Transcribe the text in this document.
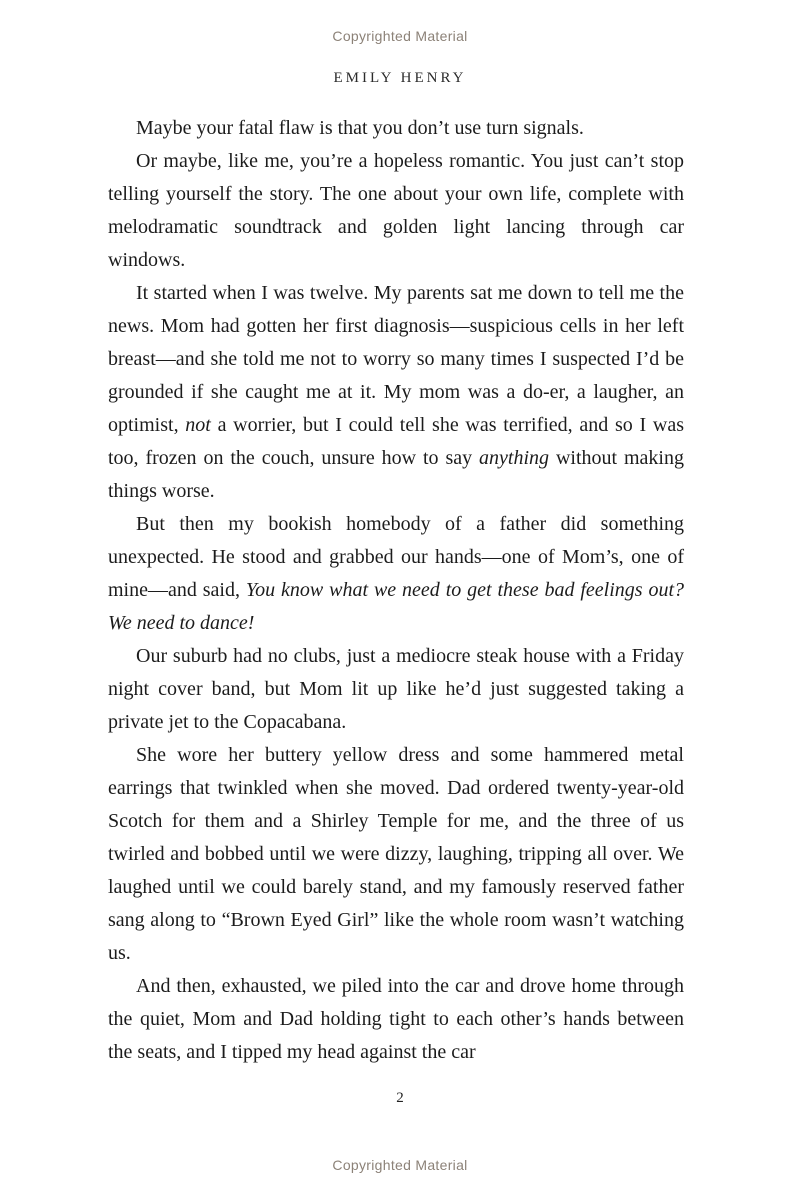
Copyrighted Material
EMILY HENRY

Maybe your fatal flaw is that you don’t use turn signals.

Or maybe, like me, you’re a hopeless romantic. You just can’t stop telling yourself the story. The one about your own life, complete with melodramatic soundtrack and golden light lancing through car windows.

It started when I was twelve. My parents sat me down to tell me the news. Mom had gotten her first diagnosis—suspicious cells in her left breast—and she told me not to worry so many times I suspected I’d be grounded if she caught me at it. My mom was a do-er, a laugher, an optimist, not a worrier, but I could tell she was terrified, and so I was too, frozen on the couch, unsure how to say anything without making things worse.

But then my bookish homebody of a father did something unexpected. He stood and grabbed our hands—one of Mom’s, one of mine—and said, You know what we need to get these bad feelings out? We need to dance!

Our suburb had no clubs, just a mediocre steak house with a Friday night cover band, but Mom lit up like he’d just suggested taking a private jet to the Copacabana.

She wore her buttery yellow dress and some hammered metal earrings that twinkled when she moved. Dad ordered twenty-year-old Scotch for them and a Shirley Temple for me, and the three of us twirled and bobbed until we were dizzy, laughing, tripping all over. We laughed until we could barely stand, and my famously reserved father sang along to “Brown Eyed Girl” like the whole room wasn’t watching us.

And then, exhausted, we piled into the car and drove home through the quiet, Mom and Dad holding tight to each other’s hands between the seats, and I tipped my head against the car

2
Copyrighted Material
